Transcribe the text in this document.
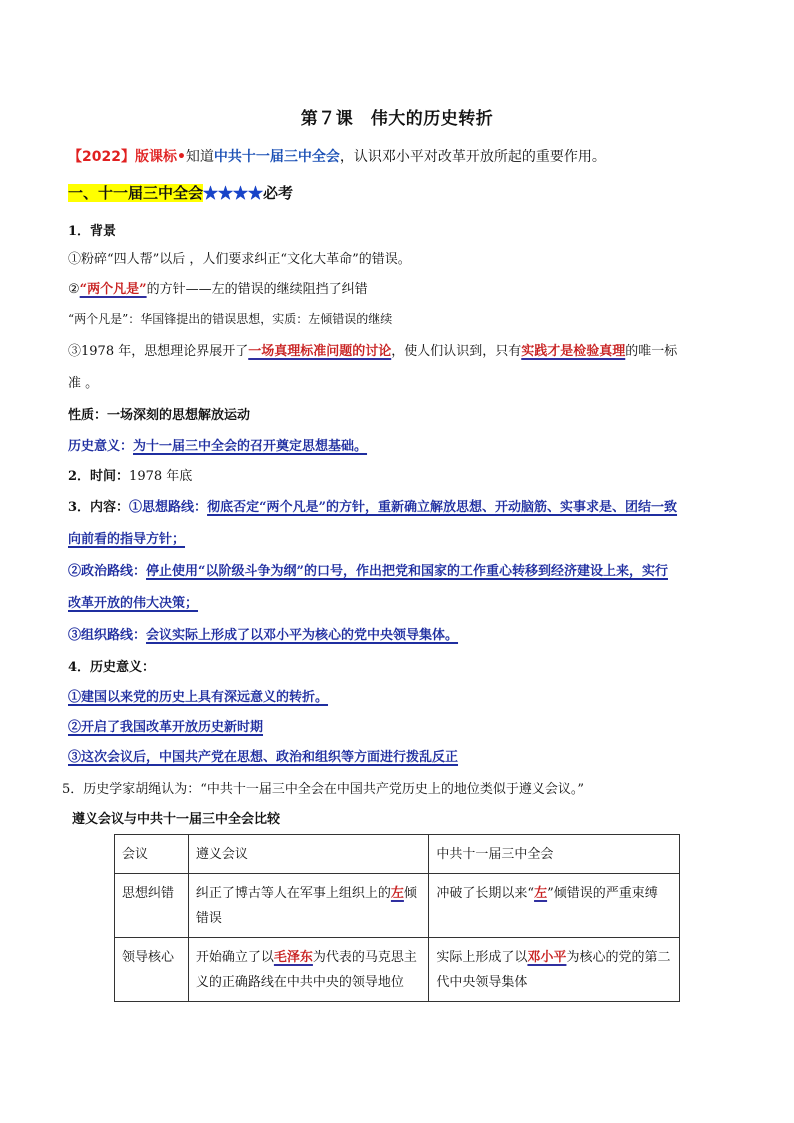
第７课　伟大的历史转折
【2022】版课标•知道中共十一届三中全会，认识邓小平对改革开放所起的重要作用。
一、十一届三中全会★★★★必考
1．背景
①粉碎“四人帮”以后 ，人们要求纠正“文化大革命”的错误。
②“两个凡是”的方针——左的错误的继续阻挡了纠错
“两个凡是”：华国锋提出的错误思想，实质：左倾错误的继续
③1978 年，思想理论界展开了一场真理标准问题的讨论，使人们认识到，只有实践才是检验真理的唯一标
准 。
性质：一场深刻的思想解放运动
历史意义：为十一届三中全会的召开奠定思想基础。
2．时间：1978 年底
3．内容：①思想路线：彻底否定“两个凡是”的方针，重新确立解放思想、开动脑筋、实事求是、团结一致
向前看的指导方针；
②政治路线：停止使用“以阶级斗争为纲”的口号，作出把党和国家的工作重心转移到经济建设上来，实行
改革开放的伟大决策；
③组织路线：会议实际上形成了以邓小平为核心的党中央领导集体。
4．历史意义：
①建国以来党的历史上具有深远意义的转折。
②开启了我国改革开放历史新时期
③这次会议后，中国共产党在思想、政治和组织等方面进行拨乱反正
5．历史学家胡绳认为：“中共十一届三中全会在中国共产党历史上的地位类似于遵义会议。”
遵义会议与中共十一届三中全会比较
会议	遵义会议	中共十一届三中全会
思想纠错	纠正了博古等人在军事上组织上的左倾错误	冲破了长期以来“左”倾错误的严重束缚
领导核心	开始确立了以毛泽东为代表的马克思主义的正确路线在中共中央的领导地位	实际上形成了以邓小平为核心的党的第二代中央领导集体
